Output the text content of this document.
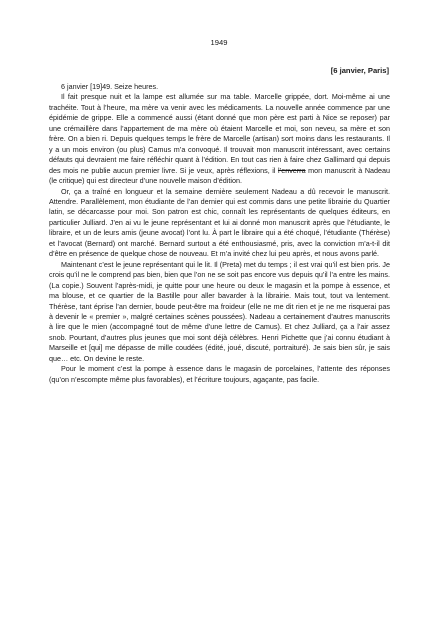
1949
[6 janvier, Paris]

6 janvier [19]49. Seize heures.

Il fait presque nuit et la lampe est allumée sur ma table. Marcelle grippée, dort. Moi-même ai une trachéite. Tout à l’heure, ma mère va venir avec les médicaments. La nouvelle année commence par une épidémie de grippe. Elle a commencé aussi (étant donné que mon père est parti à Nice se reposer) par une crémaillère dans l’appartement de ma mère où étaient Marcelle et moi, son neveu, sa mère et son frère. On a bien ri. Depuis quelques temps le frère de Marcelle (artisan) sort moins dans les restaurants. Il y a un mois environ (ou plus) Camus m’a convoqué. Il trouvait mon manuscrit intéressant, avec certains défauts qui devraient me faire réfléchir quant à l’édition. En tout cas rien à faire chez Gallimard qui depuis des mois ne publie aucun premier livre. Si je veux, après réflexions, il l’enverra mon manuscrit à Nadeau (le critique) qui est directeur d’une nouvelle maison d’édition.

Or, ça a traîné en longueur et la semaine dernière seulement Nadeau a dû recevoir le manuscrit. Attendre. Parallèlement, mon étudiante de l’an dernier qui est commis dans une petite librairie du Quartier latin, se décarcasse pour moi. Son patron est chic, connaît les représentants de quelques éditeurs, en particulier Julliard. J’en ai vu le jeune représentant et lui ai donné mon manuscrit après que l’étudiante, le libraire, et un de leurs amis (jeune avocat) l’ont lu. À part le libraire qui a été choqué, l’étudiante (Thérèse) et l’avocat (Bernard) ont marché. Bernard surtout a été enthousiasmé, pris, avec la conviction m’a-t-il dit d’être en présence de quelque chose de nouveau. Et m’a invité chez lui peu après, et nous avons parlé.

Maintenant c’est le jeune représentant qui le lit. Il (Preta) met du temps ; il est vrai qu’il est bien pris. Je crois qu’il ne le comprend pas bien, bien que l’on ne se soit pas encore vus depuis qu’il l’a entre les mains. (La copie.) Souvent l’après-midi, je quitte pour une heure ou deux le magasin et la pompe à essence, et ma blouse, et ce quartier de la Bastille pour aller bavarder à la librairie. Mais tout, tout va lentement. Thérèse, tant éprise l’an dernier, boude peut-être ma froideur (elle ne me dit rien et je ne me risquerai pas à devenir le « premier », malgré certaines scènes poussées). Nadeau a certainement d’autres manuscrits à lire que le mien (accompagné tout de même d’une lettre de Camus). Et chez Julliard, ça a l’air assez snob. Pourtant, d’autres plus jeunes que moi sont déjà célèbres. Henri Pichette que j’ai connu étudiant à Marseille et [qui] me dépasse de mille coudées (édité, joué, discuté, portraituré). Je sais bien sûr, je sais que… etc. On devine le reste.

Pour le moment c’est la pompe à essence dans le magasin de porcelaines, l’attente des réponses (qu’on n’escompte même plus favorables), et l’écriture toujours, agaçante, pas facile.
